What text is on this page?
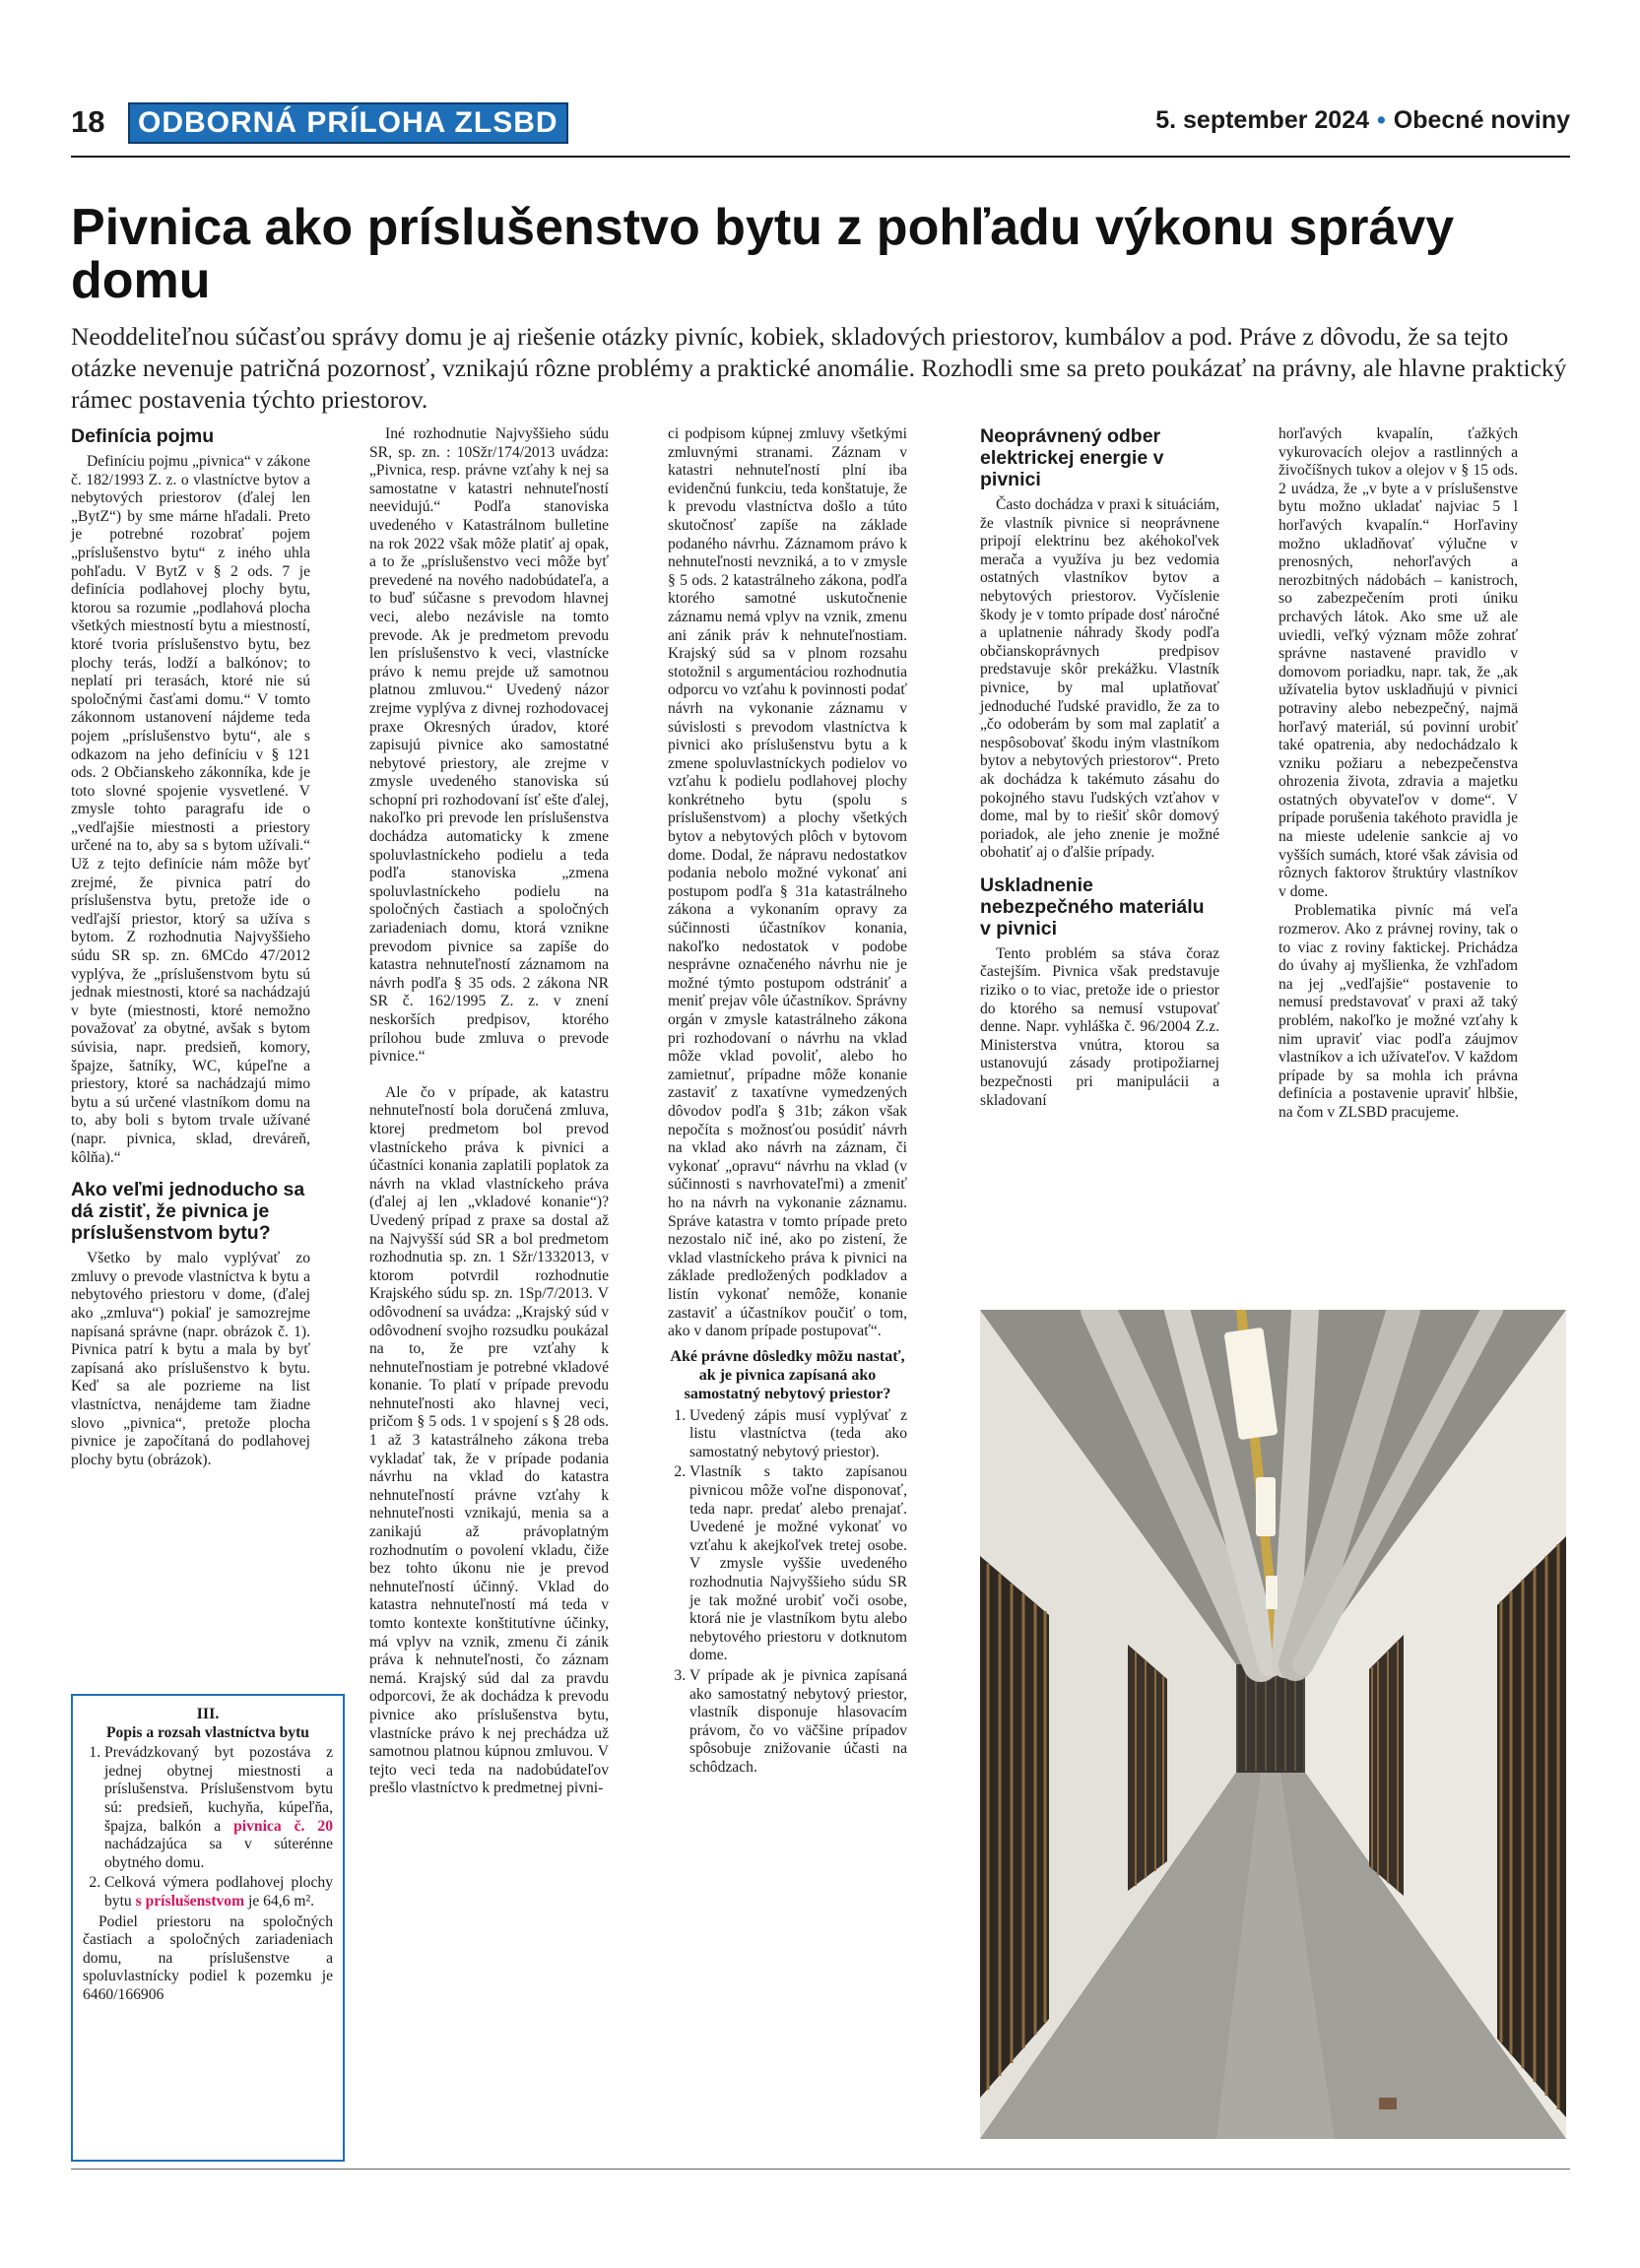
18	ODBORNÁ PRÍLOHA ZLSBD	5. september 2024 • Obecné noviny
Pivnica ako príslušenstvo bytu z pohľadu výkonu správy domu

Neoddeliteľnou súčasťou správy domu je aj riešenie otázky pivníc, kobiek, skladových priestorov, kumbálov a pod. Práve z dôvodu, že sa tejto otázke nevenuje patričná pozornosť, vznikajú rôzne problémy a praktické anomálie. Rozhodli sme sa preto poukázať na právny, ale hlavne praktický rámec postavenia týchto priestorov.

Definícia pojmu

Definíciu pojmu „pivnica“ v zákone č. 182/1993 Z. z. o vlastníctve bytov a nebytových priestorov (ďalej len „BytZ“) by sme márne hľadali. Preto je potrebné rozobrať pojem „príslušenstvo bytu“ z iného uhla pohľadu. V BytZ v § 2 ods. 7 je definícia podlahovej plochy bytu, ktorou sa rozumie „podlahová plocha všetkých miestností bytu a miestností, ktoré tvoria príslušenstvo bytu, bez plochy terás, lodží a balkónov; to neplatí pri terasách, ktoré nie sú spoločnými časťami domu.“ V tomto zákonnom ustanovení nájdeme teda pojem „príslušenstvo bytu“, ale s odkazom na jeho definíciu v § 121 ods. 2 Občianskeho zákonníka, kde je toto slovné spojenie vysvetlené. V zmysle tohto paragrafu ide o „vedľajšie miestnosti a priestory určené na to, aby sa s bytom užívali.“ Už z tejto definície nám môže byť zrejmé, že pivnica patrí do príslušenstva bytu, pretože ide o vedľajší priestor, ktorý sa užíva s bytom. Z rozhodnutia Najvyššieho súdu SR sp. zn. 6MCdo 47/2012 vyplýva, že „príslušenstvom bytu sú jednak miestnosti, ktoré sa nachádzajú v byte (miestnosti, ktoré nemožno považovať za obytné, avšak s bytom súvisia, napr. predsieň, komory, špajze, šatníky, WC, kúpeľne a priestory, ktoré sa nachádzajú mimo bytu a sú určené vlastníkom domu na to, aby boli s bytom trvale užívané (napr. pivnica, sklad, dreváreň, kôlňa).“

Ako veľmi jednoducho sa dá zistiť, že pivnica je príslušenstvom bytu?

Všetko by malo vyplývať zo zmluvy o prevode vlastníctva k bytu a nebytového priestoru v dome, (ďalej ako „zmluva“) pokiaľ je samozrejme napísaná správne (napr. obrázok č. 1). Pivnica patrí k bytu a mala by byť zapísaná ako príslušenstvo k bytu. Keď sa ale pozrieme na list vlastníctva, nenájdeme tam žiadne slovo „pivnica“, pretože plocha pivnice je započítaná do podlahovej plochy bytu (obrázok).

III.
Popis a rozsah vlastníctva bytu
1. Prevádzkovaný byt pozostáva z jednej obytnej miestnosti a príslušenstva. Príslušenstvom bytu sú: predsieň, kuchyňa, kúpeľňa, špajza, balkón a pivnica č. 20 nachádzajúca sa v súterénne obytného domu.
2. Celková výmera podlahovej plochy bytu s príslušenstvom je 64,6 m².

Podiel priestoru na spoločných častiach a spoločných zariadeniach domu, na príslušenstve a spoluvlastnícky podiel k pozemku je 6460/166906

Iné rozhodnutie Najvyššieho súdu SR, sp. zn. : 10Sžr/174/2013 uvádza: „Pivnica, resp. právne vzťahy k nej sa samostatne v katastri nehnuteľností neevidujú.“ Podľa stanoviska uvedeného v Katastrálnom bulletine na rok 2022 však môže platiť aj opak, a to že „príslušenstvo veci môže byť prevedené na nového nadobúdateľa, a to buď súčasne s prevodom hlavnej veci, alebo nezávisle na tomto prevode. Ak je predmetom prevodu len príslušenstvo k veci, vlastnícke právo k nemu prejde už samotnou platnou zmluvou.“ Uvedený názor zrejme vyplýva z divnej rozhodovacej praxe Okresných úradov, ktoré zapisujú pivnice ako samostatné nebytové priestory, ale zrejme v zmysle uvedeného stanoviska sú schopní pri rozhodovaní ísť ešte ďalej, nakoľko pri prevode len príslušenstva dochádza automaticky k zmene spoluvlastníckeho podielu a teda podľa stanoviska „zmena spoluvlastníckeho podielu na spoločných častiach a spoločných zariadeniach domu, ktorá vznikne prevodom pivnice sa zapíše do katastra nehnuteľností záznamom na návrh podľa § 35 ods. 2 zákona NR SR č. 162/1995 Z. z. v znení neskorších predpisov, ktorého prílohou bude zmluva o prevode pivnice.“

Ale čo v prípade, ak katastru nehnuteľností bola doručená zmluva, ktorej predmetom bol prevod vlastníckeho práva k pivnici a účastníci konania zaplatili poplatok za návrh na vklad vlastníckeho práva (ďalej aj len „vkladové konanie“)? Uvedený prípad z praxe sa dostal až na Najvyšší súd SR a bol predmetom rozhodnutia sp. zn. 1 Sžr/1332013, v ktorom potvrdil rozhodnutie Krajského súdu sp. zn. 1Sp/7/2013. V odôvodnení sa uvádza: „Krajský súd v odôvodnení svojho rozsudku poukázal na to, že pre vzťahy k nehnuteľnostiam je potrebné vkladové konanie. To platí v prípade prevodu nehnuteľnosti ako hlavnej veci, pričom § 5 ods. 1 v spojení s § 28 ods. 1 až 3 katastrálneho zákona treba vykladať tak, že v prípade podania návrhu na vklad do katastra nehnuteľností právne vzťahy k nehnuteľnosti vznikajú, menia sa a zanikajú až právoplatným rozhodnutím o povolení vkladu, čiže bez tohto úkonu nie je prevod nehnuteľností účinný. Vklad do katastra nehnuteľností má teda v tomto kontexte konštitutívne účinky, má vplyv na vznik, zmenu či zánik práva k nehnuteľnosti, čo záznam nemá. Krajský súd dal za pravdu odporcovi, že ak dochádza k prevodu pivnice ako príslušenstva bytu, vlastnícke právo k nej prechádza už samotnou platnou kúpnou zmluvou. V tejto veci teda na nadobúdateľov prešlo vlastníctvo k predmetnej pivni-

ci podpisom kúpnej zmluvy všetkými zmluvnými stranami. Záznam v katastri nehnuteľností plní iba evidenčnú funkciu, teda konštatuje, že k prevodu vlastníctva došlo a túto skutočnosť zapíše na základe podaného návrhu. Záznamom právo k nehnuteľnosti nevzniká, a to v zmysle § 5 ods. 2 katastrálneho zákona, podľa ktorého samotné uskutočnenie záznamu nemá vplyv na vznik, zmenu ani zánik práv k nehnuteľnostiam. Krajský súd sa v plnom rozsahu stotožnil s argumentáciou rozhodnutia odporcu vo vzťahu k povinnosti podať návrh na vykonanie záznamu v súvislosti s prevodom vlastníctva k pivnici ako príslušenstvu bytu a k zmene spoluvlastníckych podielov vo vzťahu k podielu podlahovej plochy konkrétneho bytu (spolu s príslušenstvom) a plochy všetkých bytov a nebytových plôch v bytovom dome. Dodal, že nápravu nedostatkov podania nebolo možné vykonať ani postupom podľa § 31a katastrálneho zákona a vykonaním opravy za súčinnosti účastníkov konania, nakoľko nedostatok v podobe nesprávne označeného návrhu nie je možné týmto postupom odstrániť a meniť prejav vôle účastníkov. Správny orgán v zmysle katastrálneho zákona pri rozhodovaní o návrhu na vklad môže vklad povoliť, alebo ho zamietnuť, prípadne môže konanie zastaviť z taxatívne vymedzených dôvodov podľa § 31b; zákon však nepočíta s možnosťou posúdiť návrh na vklad ako návrh na záznam, či vykonať „opravu“ návrhu na vklad (v súčinnosti s navrhovateľmi) a zmeniť ho na návrh na vykonanie záznamu. Správe katastra v tomto prípade preto nezostalo nič iné, ako po zistení, že vklad vlastníckeho práva k pivnici na základe predložených podkladov a listín vykonať nemôže, konanie zastaviť a účastníkov poučiť o tom, ako v danom prípade postupovať“.

Aké právne dôsledky môžu nastať, ak je pivnica zapísaná ako samostatný nebytový priestor?
1. Uvedený zápis musí vyplývať z listu vlastníctva (teda ako samostatný nebytový priestor).
2. Vlastník s takto zapísanou pivnicou môže voľne disponovať, teda napr. predať alebo prenajať. Uvedené je možné vykonať vo vzťahu k akejkoľvek tretej osobe. V zmysle vyššie uvedeného rozhodnutia Najvyššieho súdu SR je tak možné urobiť voči osobe, ktorá nie je vlastníkom bytu alebo nebytového priestoru v dotknutom dome.
3. V prípade ak je pivnica zapísaná ako samostatný nebytový priestor, vlastník disponuje hlasovacím právom, čo vo väčšine prípadov spôsobuje znižovanie účasti na schôdzach.
Neoprávnený odber elektrickej energie v pivnici

Často dochádza v praxi k situáciám, že vlastník pivnice si neoprávnene pripojí elektrinu bez akéhokoľvek merača a využíva ju bez vedomia ostatných vlastníkov bytov a nebytových priestorov. Vyčíslenie škody je v tomto prípade dosť náročné a uplatnenie náhrady škody podľa občianskoprávnych predpisov predstavuje skôr prekážku. Vlastník pivnice, by mal uplatňovať jednoduché ľudské pravidlo, že za to „čo odoberám by som mal zaplatiť a nespôsobovať škodu iným vlastníkom bytov a nebytových priestorov“. Preto ak dochádza k takémuto zásahu do pokojného stavu ľudských vzťahov v dome, mal by to riešiť skôr domový poriadok, ale jeho znenie je možné obohatiť aj o ďalšie prípady.

Uskladnenie nebezpečného materiálu v pivnici

Tento problém sa stáva čoraz častejším. Pivnica však predstavuje riziko o to viac, pretože ide o priestor do ktorého sa nemusí vstupovať denne. Napr. vyhláška č. 96/2004 Z.z. Ministerstva vnútra, ktorou sa ustanovujú zásady protipožiarnej bezpečnosti pri manipulácii a skladovaní

horľavých kvapalín, ťažkých vykurovacích olejov a rastlinných a živočíšnych tukov a olejov v § 15 ods. 2 uvádza, že „v byte a v príslušenstve bytu možno ukladať najviac 5 l horľavých kvapalín.“ Horľaviny možno ukladňovať výlučne v prenosných, nehorľavých a nerozbitných nádobách – kanistroch, so zabezpečením proti úniku prchavých látok. Ako sme už ale uviedli, veľký význam môže zohrať správne nastavené pravidlo v domovom poriadku, napr. tak, že „ak užívatelia bytov uskladňujú v pivnici potraviny alebo nebezpečný, najmä horľavý materiál, sú povinní urobiť také opatrenia, aby nedochádzalo k vzniku požiaru a nebezpečenstva ohrozenia života, zdravia a majetku ostatných obyvateľov v dome“. V prípade porušenia takéhoto pravidla je na mieste udelenie sankcie aj vo vyšších sumách, ktoré však závisia od rôznych faktorov štruktúry vlastníkov v dome.

Problematika pivníc má veľa rozmerov. Ako z právnej roviny, tak o to viac z roviny faktickej. Prichádza do úvahy aj myšlienka, že vzhľadom na jej „vedľajšie“ postavenie to nemusí predstavovať v praxi až taký problém, nakoľko je možné vzťahy k nim upraviť viac podľa záujmov vlastníkov a ich užívateľov. V každom prípade by sa mohla ich právna definícia a postavenie upraviť hlbšie, na čom v ZLSBD pracujeme.
